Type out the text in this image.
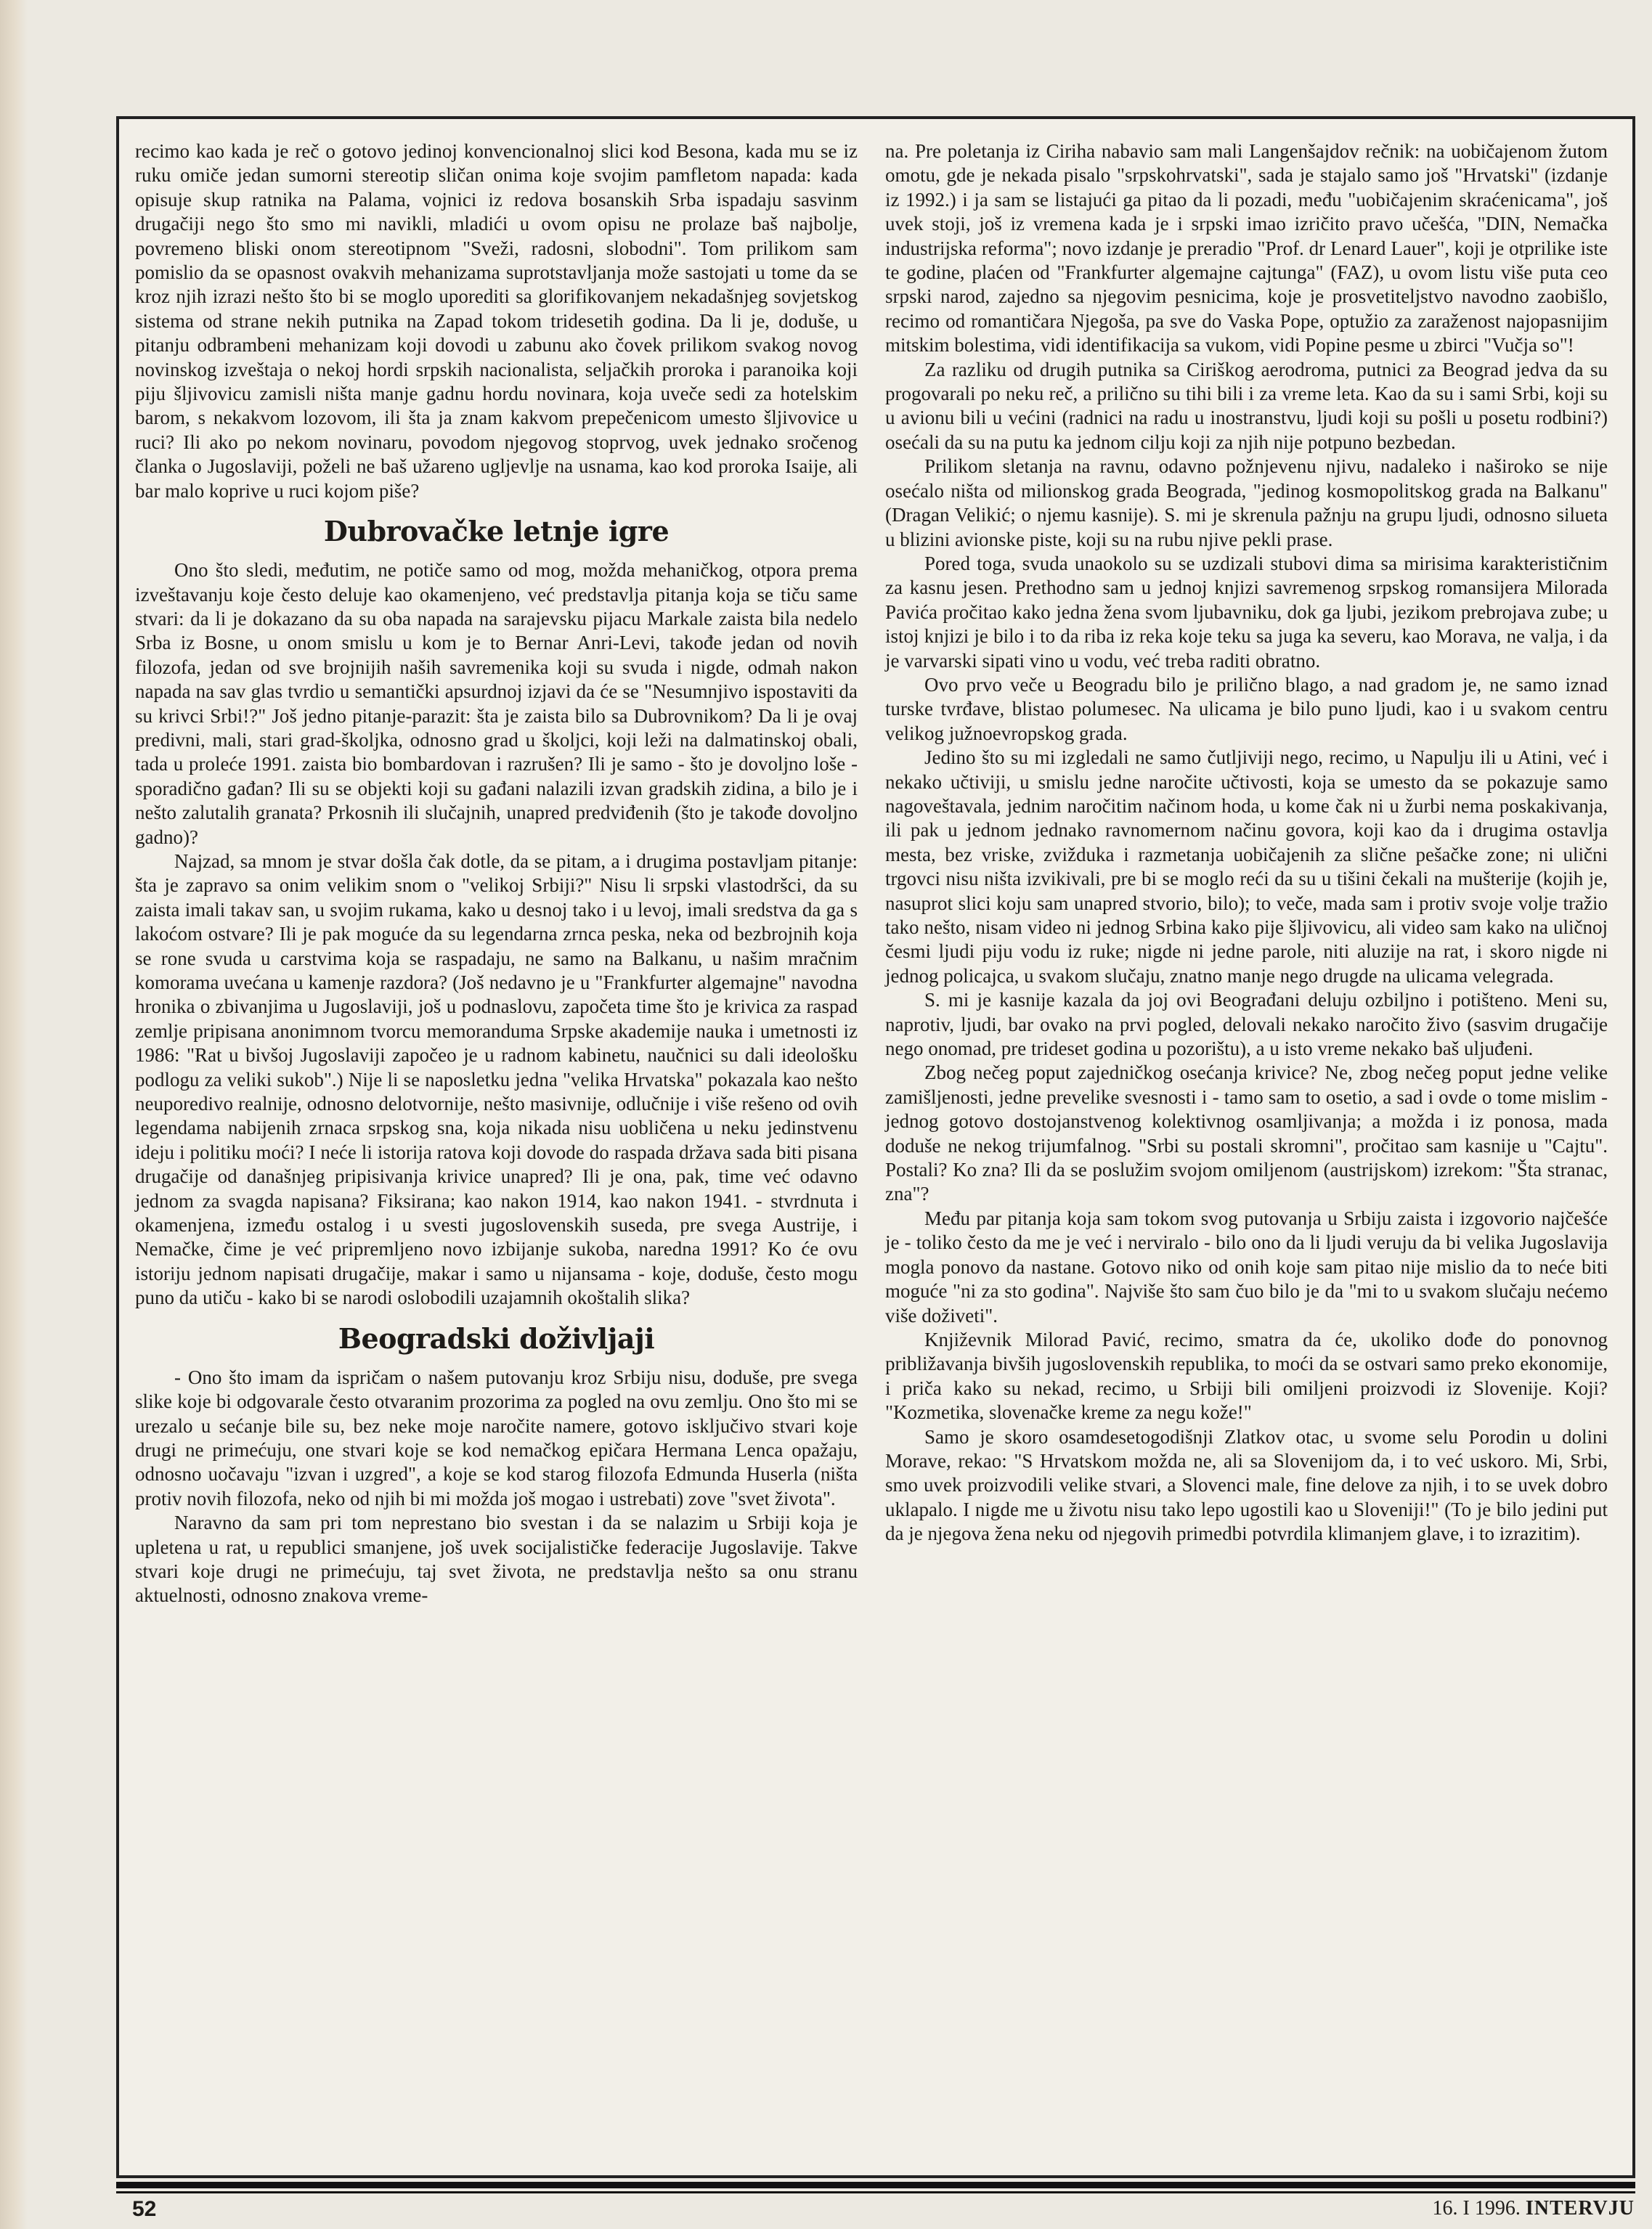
recimo kao kada je reč o gotovo jedinoj konvencionalnoj slici kod Besona, kada mu se iz ruku omiče jedan sumorni stereotip sličan onima koje svojim pamfletom napada: kada opisuje skup ratnika na Palama, vojnici iz redova bosanskih Srba ispadaju sasvinm drugačiji nego što smo mi navikli, mladići u ovom opisu ne prolaze baš najbolje, povremeno bliski onom stereotipnom "Sveži, radosni, slobodni". Tom prilikom sam pomislio da se opasnost ovakvih mehanizama suprotstavljanja može sastojati u tome da se kroz njih izrazi nešto što bi se moglo uporediti sa glorifikovanjem nekadašnjeg sovjetskog sistema od strane nekih putnika na Zapad tokom tridesetih godina. Da li je, doduše, u pitanju odbrambeni mehanizam koji dovodi u zabunu ako čovek prilikom svakog novog novinskog izveštaja o nekoj hordi srpskih nacionalista, seljačkih proroka i paranoika koji piju šljivovicu zamisli ništa manje gadnu hordu novinara, koja uveče sedi za hotelskim barom, s nekakvom lozovom, ili šta ja znam kakvom prepečenicom umesto šljivovice u ruci? Ili ako po nekom novinaru, povodom njegovog stoprvog, uvek jednako sročenog članka o Jugoslaviji, poželi ne baš užareno ugljevlje na usnama, kao kod proroka Isaije, ali bar malo koprive u ruci kojom piše?

Dubrovačke letnje igre

Ono što sledi, međutim, ne potiče samo od mog, možda mehaničkog, otpora prema izveštavanju koje često deluje kao okamenjeno, već predstavlja pitanja koja se tiču same stvari: da li je dokazano da su oba napada na sarajevsku pijacu Markale zaista bila nedelo Srba iz Bosne, u onom smislu u kom je to Bernar Anri-Levi, takođe jedan od novih filozofa, jedan od sve brojnijih naših savremenika koji su svuda i nigde, odmah nakon napada na sav glas tvrdio u semantički apsurdnoj izjavi da će se "Nesumnjivo ispostaviti da su krivci Srbi!?" Još jedno pitanje-parazit: šta je zaista bilo sa Dubrovnikom? Da li je ovaj predivni, mali, stari grad-školjka, odnosno grad u školjci, koji leži na dalmatinskoj obali, tada u proleće 1991. zaista bio bombardovan i razrušen? Ili je samo - što je dovoljno loše - sporadično gađan? Ili su se objekti koji su gađani nalazili izvan gradskih zidina, a bilo je i nešto zalutalih granata? Prkosnih ili slučajnih, unapred predviđenih (što je takođe dovoljno gadno)?

Najzad, sa mnom je stvar došla čak dotle, da se pitam, a i drugima postavljam pitanje: šta je zapravo sa onim velikim snom o "velikoj Srbiji?" Nisu li srpski vlastodršci, da su zaista imali takav san, u svojim rukama, kako u desnoj tako i u levoj, imali sredstva da ga s lakoćom ostvare? Ili je pak moguće da su legendarna zrnca peska, neka od bezbrojnih koja se rone svuda u carstvima koja se raspadaju, ne samo na Balkanu, u našim mračnim komorama uvećana u kamenje razdora? (Još nedavno je u "Frankfurter algemajne" navodna hronika o zbivanjima u Jugoslaviji, još u podnaslovu, započeta time što je krivica za raspad zemlje pripisana anonimnom tvorcu memoranduma Srpske akademije nauka i umetnosti iz 1986: "Rat u bivšoj Jugoslaviji započeo je u radnom kabinetu, naučnici su dali ideološku podlogu za veliki sukob".) Nije li se naposletku jedna "velika Hrvatska" pokazala kao nešto neuporedivo realnije, odnosno delotvornije, nešto masivnije, odlučnije i više rešeno od ovih legendama nabijenih zrnaca srpskog sna, koja nikada nisu uobličena u neku jedinstvenu ideju i politiku moći? I neće li istorija ratova koji dovode do raspada država sada biti pisana drugačije od današnjeg pripisivanja krivice unapred? Ili je ona, pak, time već odavno jednom za svagda napisana? Fiksirana; kao nakon 1914, kao nakon 1941. - stvrdnuta i okamenjena, između ostalog i u svesti jugoslovenskih suseda, pre svega Austrije, i Nemačke, čime je već pripremljeno novo izbijanje sukoba, naredna 1991? Ko će ovu istoriju jednom napisati drugačije, makar i samo u nijansama - koje, doduše, često mogu puno da utiču - kako bi se narodi oslobodili uzajamnih okoštalih slika?

Beogradski doživljaji

- Ono što imam da ispričam o našem putovanju kroz Srbiju nisu, doduše, pre svega slike koje bi odgovarale često otvaranim prozorima za pogled na ovu zemlju. Ono što mi se urezalo u sećanje bile su, bez neke moje naročite namere, gotovo isključivo stvari koje drugi ne primećuju, one stvari koje se kod nemačkog epičara Hermana Lenca opažaju, odnosno uočavaju "izvan i uzgred", a koje se kod starog filozofa Edmunda Huserla (ništa protiv novih filozofa, neko od njih bi mi možda još mogao i ustrebati) zove "svet života".

Naravno da sam pri tom neprestano bio svestan i da se nalazim u Srbiji koja je upletena u rat, u republici smanjene, još uvek socijalističke federacije Jugoslavije. Takve stvari koje drugi ne primećuju, taj svet života, ne predstavlja nešto sa onu stranu aktuelnosti, odnosno znakova vreme-

na. Pre poletanja iz Ciriha nabavio sam mali Langenšajdov rečnik: na uobičajenom žutom omotu, gde je nekada pisalo "srpskohrvatski", sada je stajalo samo još "Hrvatski" (izdanje iz 1992.) i ja sam se listajući ga pitao da li pozadi, među "uobičajenim skraćenicama", još uvek stoji, još iz vremena kada je i srpski imao izričito pravo učešća, "DIN, Nemačka industrijska reforma"; novo izdanje je preradio "Prof. dr Lenard Lauer", koji je otprilike iste te godine, plaćen od "Frankfurter algemajne cajtunga" (FAZ), u ovom listu više puta ceo srpski narod, zajedno sa njegovim pesnicima, koje je prosvetiteljstvo navodno zaobišlo, recimo od romantičara Njegoša, pa sve do Vaska Pope, optužio za zaraženost najopasnijim mitskim bolestima, vidi identifikacija sa vukom, vidi Popine pesme u zbirci "Vučja so"!

Za razliku od drugih putnika sa Ciriškog aerodroma, putnici za Beograd jedva da su progovarali po neku reč, a prilično su tihi bili i za vreme leta. Kao da su i sami Srbi, koji su u avionu bili u većini (radnici na radu u inostranstvu, ljudi koji su pošli u posetu rodbini?) osećali da su na putu ka jednom cilju koji za njih nije potpuno bezbedan.

Prilikom sletanja na ravnu, odavno požnjevenu njivu, nadaleko i naširoko se nije osećalo ništa od milionskog grada Beograda, "jedinog kosmopolitskog grada na Balkanu" (Dragan Velikić; o njemu kasnije). S. mi je skrenula pažnju na grupu ljudi, odnosno silueta u blizini avionske piste, koji su na rubu njive pekli prase.

Pored toga, svuda unaokolo su se uzdizali stubovi dima sa mirisima karakterističnim za kasnu jesen. Prethodno sam u jednoj knjizi savremenog srpskog romansijera Milorada Pavića pročitao kako jedna žena svom ljubavniku, dok ga ljubi, jezikom prebrojava zube; u istoj knjizi je bilo i to da riba iz reka koje teku sa juga ka severu, kao Morava, ne valja, i da je varvarski sipati vino u vodu, već treba raditi obratno.

Ovo prvo veče u Beogradu bilo je prilično blago, a nad gradom je, ne samo iznad turske tvrđave, blistao polumesec. Na ulicama je bilo puno ljudi, kao i u svakom centru velikog južnoevropskog grada.

Jedino što su mi izgledali ne samo čutljiviji nego, recimo, u Napulju ili u Atini, već i nekako učtiviji, u smislu jedne naročite učtivosti, koja se umesto da se pokazuje samo nagoveštavala, jednim naročitim načinom hoda, u kome čak ni u žurbi nema poskakivanja, ili pak u jednom jednako ravnomernom načinu govora, koji kao da i drugima ostavlja mesta, bez vriske, zvižduka i razmetanja uobičajenih za slične pešačke zone; ni ulični trgovci nisu ništa izvikivali, pre bi se moglo reći da su u tišini čekali na mušterije (kojih je, nasuprot slici koju sam unapred stvorio, bilo); to veče, mada sam i protiv svoje volje tražio tako nešto, nisam video ni jednog Srbina kako pije šljivovicu, ali video sam kako na uličnoj česmi ljudi piju vodu iz ruke; nigde ni jedne parole, niti aluzije na rat, i skoro nigde ni jednog policajca, u svakom slučaju, znatno manje nego drugde na ulicama velegrada.

S. mi je kasnije kazala da joj ovi Beograđani deluju ozbiljno i potišteno. Meni su, naprotiv, ljudi, bar ovako na prvi pogled, delovali nekako naročito živo (sasvim drugačije nego onomad, pre trideset godina u pozorištu), a u isto vreme nekako baš uljuđeni.

Zbog nečeg poput zajedničkog osećanja krivice? Ne, zbog nečeg poput jedne velike zamišljenosti, jedne prevelike svesnosti i - tamo sam to osetio, a sad i ovde o tome mislim - jednog gotovo dostojanstvenog kolektivnog osamljivanja; a možda i iz ponosa, mada doduše ne nekog trijumfalnog. "Srbi su postali skromni", pročitao sam kasnije u "Cajtu". Postali? Ko zna? Ili da se poslužim svojom omiljenom (austrijskom) izrekom: "Šta stranac, zna"?

Među par pitanja koja sam tokom svog putovanja u Srbiju zaista i izgovorio najčešće je - toliko često da me je već i nerviralo - bilo ono da li ljudi veruju da bi velika Jugoslavija mogla ponovo da nastane. Gotovo niko od onih koje sam pitao nije mislio da to neće biti moguće "ni za sto godina". Najviše što sam čuo bilo je da "mi to u svakom slučaju nećemo više doživeti".

Književnik Milorad Pavić, recimo, smatra da će, ukoliko dođe do ponovnog približavanja bivših jugoslovenskih republika, to moći da se ostvari samo preko ekonomije, i priča kako su nekad, recimo, u Srbiji bili omiljeni proizvodi iz Slovenije. Koji? "Kozmetika, slovenačke kreme za negu kože!"

Samo je skoro osamdesetogodišnji Zlatkov otac, u svome selu Porodin u dolini Morave, rekao: "S Hrvatskom možda ne, ali sa Slovenijom da, i to već uskoro. Mi, Srbi, smo uvek proizvodili velike stvari, a Slovenci male, fine delove za njih, i to se uvek dobro uklapalo. I nigde me u životu nisu tako lepo ugostili kao u Sloveniji!" (To je bilo jedini put da je njegova žena neku od njegovih primedbi potvrdila klimanjem glave, i to izrazitim).

52	16. I 1996. INTERVJU
